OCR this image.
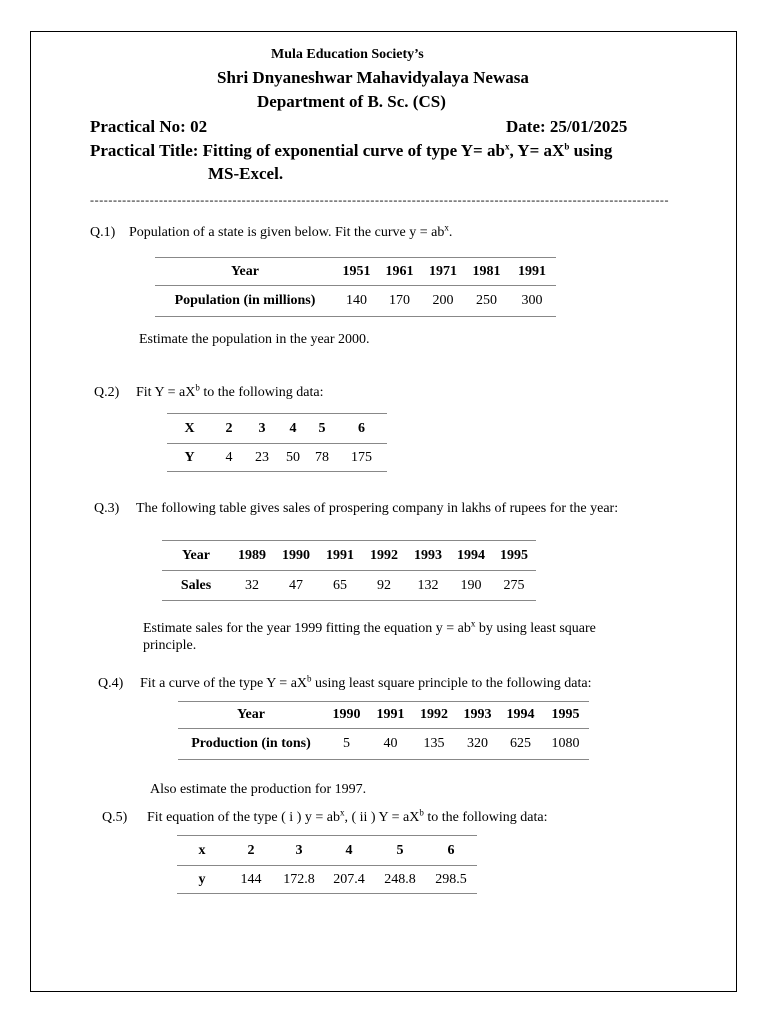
Mula Education Society’s
Shri Dnyaneshwar Mahavidyalaya Newasa
Department of B. Sc. (CS)
Practical No: 02	Date: 25/01/2025
Practical Title: Fitting of exponential curve of type $Y= ab^x$, $Y= aX^b$ using
MS-Excel.
------------------------------------------------------------------------------------------------------------------------------
Q.1) Population of a state is given below. Fit the curve $y = ab^x$.
Year	1951	1961	1971	1981	1991
Population (in millions)	140	170	200	250	300
Estimate the population in the year 2000.
Q.2) Fit $Y = aX^b$ to the following data:
X	2	3	4	5	6
Y	4	23	50	78	175
Q.3) The following table gives sales of prospering company in lakhs of rupees for the year:
Year	1989	1990	1991	1992	1993	1994	1995
Sales	32	47	65	92	132	190	275
Estimate sales for the year 1999 fitting the equation $y = ab^x$ by using least square
principle.
Q.4) Fit a curve of the type $Y = aX^b$ using least square principle to the following data:
Year	1990	1991	1992	1993	1994	1995
Production (in tons)	5	40	135	320	625	1080
Also estimate the production for 1997.
Q.5) Fit equation of the type ( i ) $y = ab^x$, ( ii ) $Y = aX^b$ to the following data:
x	2	3	4	5	6
y	144	172.8	207.4	248.8	298.5
